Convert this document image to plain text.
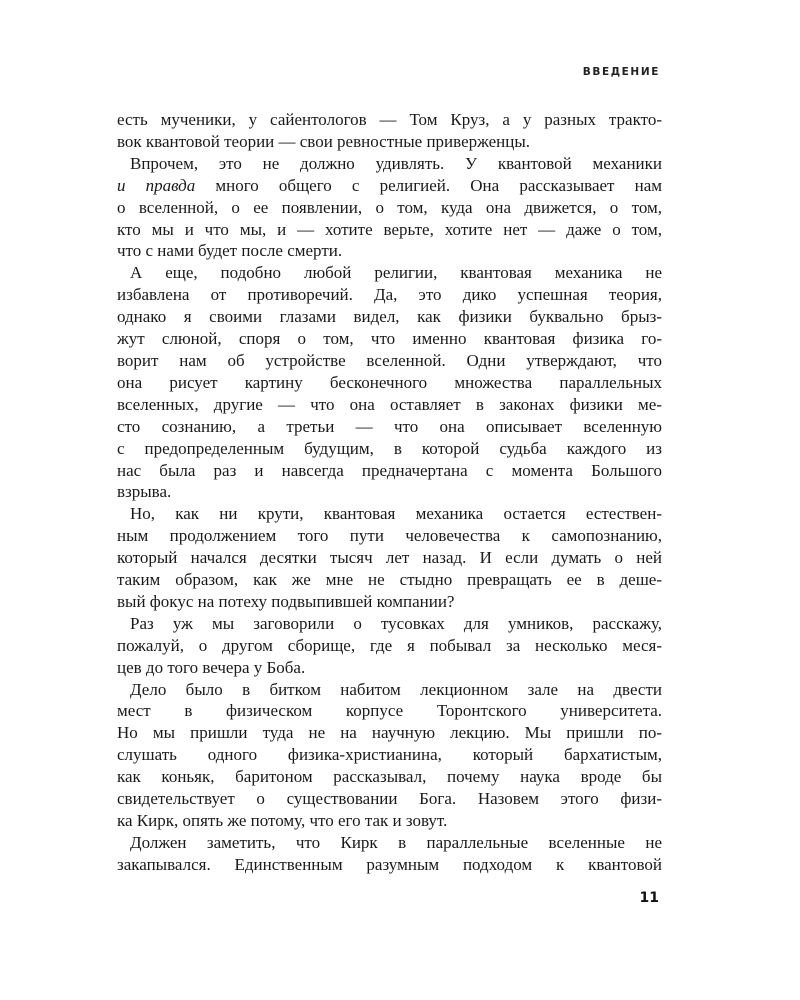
ВВЕДЕНИЕ
есть мученики, у сайентологов — Том Круз, а у разных тракто-
вок квантовой теории — свои ревностные приверженцы.
Впрочем, это не должно удивлять. У квантовой механики
и правда много общего с религией. Она рассказывает нам
о вселенной, о ее появлении, о том, куда она движется, о том,
кто мы и что мы, и — хотите верьте, хотите нет — даже о том,
что с нами будет после смерти.
А еще, подобно любой религии, квантовая механика не
избавлена от противоречий. Да, это дико успешная теория,
однако я своими глазами видел, как физики буквально брыз-
жут слюной, споря о том, что именно квантовая физика го-
ворит нам об устройстве вселенной. Одни утверждают, что
она рисует картину бесконечного множества параллельных
вселенных, другие — что она оставляет в законах физики ме-
сто сознанию, а третьи — что она описывает вселенную
с предопределенным будущим, в которой судьба каждого из
нас была раз и навсегда предначертана с момента Большого
взрыва.
Но, как ни крути, квантовая механика остается естествен-
ным продолжением того пути человечества к самопознанию,
который начался десятки тысяч лет назад. И если думать о ней
таким образом, как же мне не стыдно превращать ее в деше-
вый фокус на потеху подвыпившей компании?
Раз уж мы заговорили о тусовках для умников, расскажу,
пожалуй, о другом сборище, где я побывал за несколько меся-
цев до того вечера у Боба.
Дело было в битком набитом лекционном зале на двести
мест в физическом корпусе Торонтского университета.
Но мы пришли туда не на научную лекцию. Мы пришли по-
слушать одного физика-христианина, который бархатистым,
как коньяк, баритоном рассказывал, почему наука вроде бы
свидетельствует о существовании Бога. Назовем этого физи-
ка Кирк, опять же потому, что его так и зовут.
Должен заметить, что Кирк в параллельные вселенные не
закапывался. Единственным разумным подходом к квантовой
11
